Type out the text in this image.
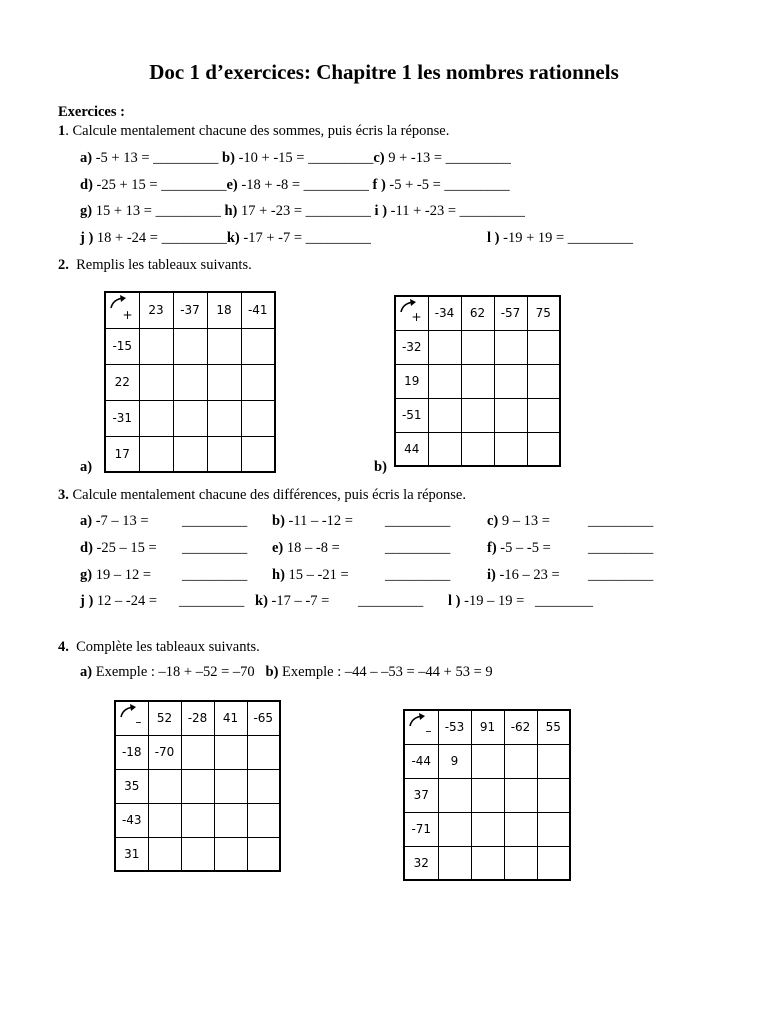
Doc 1 d’exercices: Chapitre 1 les nombres rationnels
Exercices :
1. Calcule mentalement chacune des sommes, puis écris la réponse.
a) -5 + 13 = _________ b) -10 + -15 = _________c) 9 + -13 = _________
d) -25 + 15 = _________e) -18 + -8 = _________ f ) -5 + -5 = _________
g) 15 + 13 = _________ h) 17 + -23 = _________ i ) -11 + -23 = _________
j ) 18 + -24 = _________k) -17 + -7 = _________	l ) -19 + 19 = _________
2. Remplis les tableaux suivants.
a)
+	23	-37	18	-41
-15				
22				
-31				
17				
b)
+	-34	62	-57	75
-32				
19				
-51				
44				
3. Calcule mentalement chacune des différences, puis écris la réponse.
a) -7 – 13 = _________ b) -11 – -12 = _________	c) 9 – 13 =	_________
d) -25 – 15 = _________ e) 18 – -8 =	_________	f) -5 – -5 =	_________
g) 19 – 12 = _________ h) 15 – -21 =	_________	i) -16 – 23 = _________
j ) 12 – -24 = _________ k) -17 – -7 = _________ l ) -19 – 19 = ________
4. Complète les tableaux suivants.
a) Exemple : –18 + –52 = –70 b) Exemple : –44 – –53 = –44 + 53 = 9
–	52	-28	41	-65
-18	-70			
35				
-43				
31				
–	-53	91	-62	55
-44	9			
37				
-71				
32				
